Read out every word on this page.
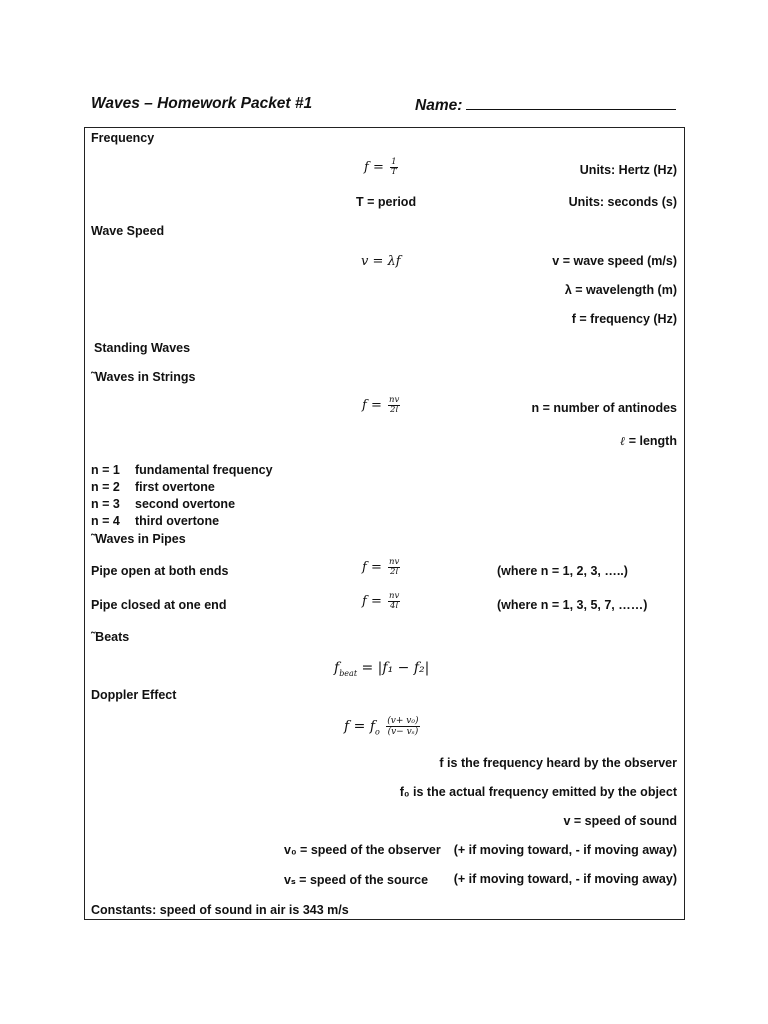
Waves – Homework Packet #1	Name:
Frequency
$f = \frac{1}{T}$	Units: Hertz (Hz)
T = period	Units: seconds (s)
Wave Speed
v = λf	v = wave speed (m/s)
λ = wavelength (m)
f = frequency (Hz)
Standing Waves
˜Waves in Strings
$f = \frac{nv}{2l}$	n = number of antinodes
ℓ = length
n = 1 fundamental frequency
n = 2 first overtone
n = 3 second overtone
n = 4 third overtone
˜Waves in Pipes
Pipe open at both ends	$f = \frac{nv}{2l}$	(where n = 1, 2, 3, …..)
Pipe closed at one end	$f = \frac{nv}{4l}$	(where n = 1, 3, 5, 7, ……)
˜Beats
$f_{beat} = |f_1 - f_2|$
Doppler Effect
$f = f_o \frac{\text{(v+ v₀)}}{\text{(v− vₛ)}}$
f is the frequency heard by the observer
f₀ is the actual frequency emitted by the object
v = speed of sound
v₀ = speed of the observer (+ if moving toward, - if moving away)
vₛ = speed of the source (+ if moving toward, - if moving away)
Constants: speed of sound in air is 343 m/s
